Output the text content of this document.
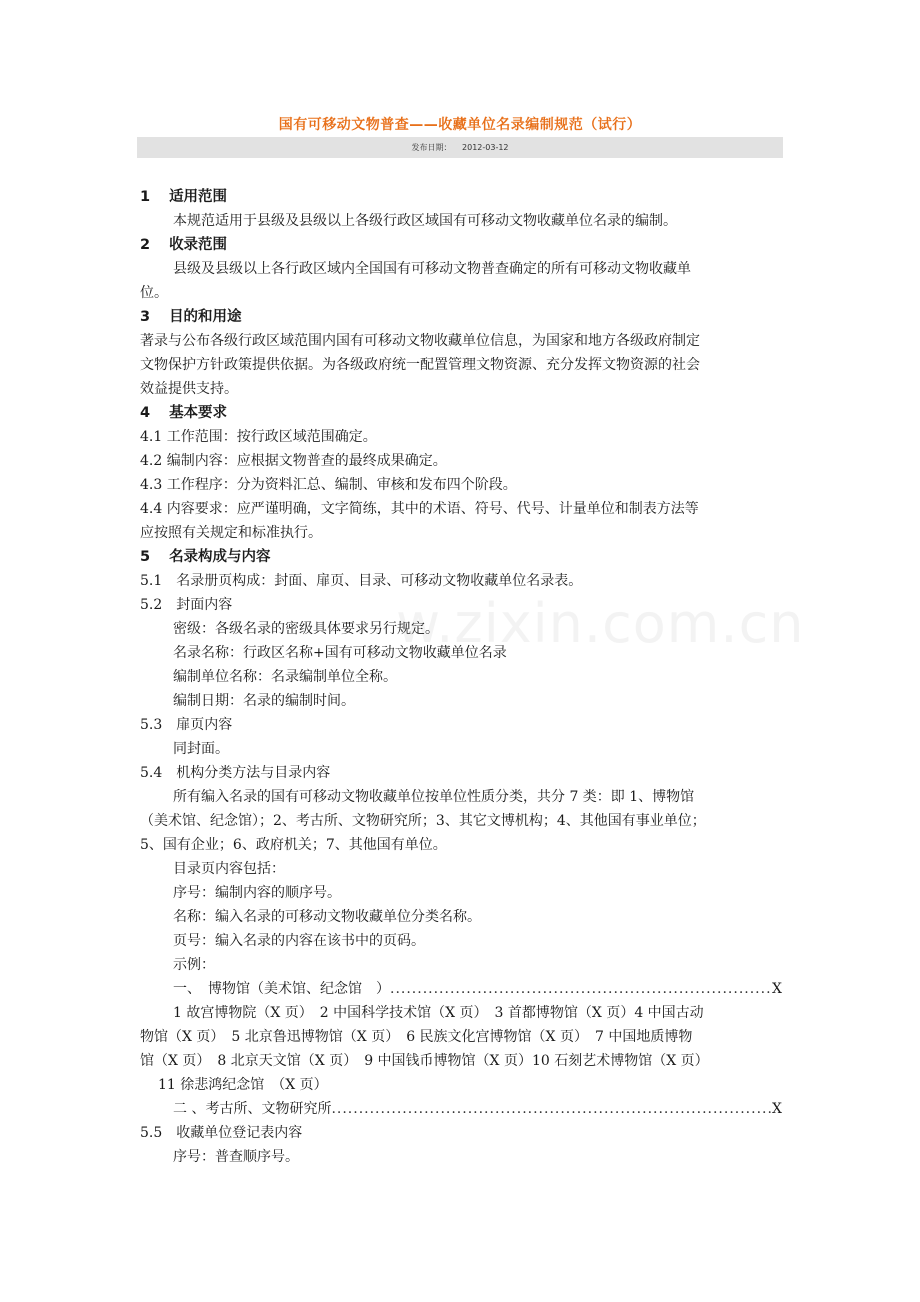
国有可移动文物普查——收藏单位名录编制规范（试行）
发布日期： 2012-03-12
w.zixin.com.cn
1 适用范围
本规范适用于县级及县级以上各级行政区域国有可移动文物收藏单位名录的编制。
2 收录范围
县级及县级以上各行政区域内全国国有可移动文物普查确定的所有可移动文物收藏单
位。
3 目的和用途
著录与公布各级行政区域范围内国有可移动文物收藏单位信息，为国家和地方各级政府制定
文物保护方针政策提供依据。为各级政府统一配置管理文物资源、充分发挥文物资源的社会
效益提供支持。
4 基本要求
4.1 工作范围：按行政区域范围确定。
4.2 编制内容：应根据文物普查的最终成果确定。
4.3 工作程序：分为资料汇总、编制、审核和发布四个阶段。
4.4 内容要求：应严谨明确，文字简练，其中的术语、符号、代号、计量单位和制表方法等
应按照有关规定和标准执行。
5 名录构成与内容
5.1　名录册页构成：封面、扉页、目录、可移动文物收藏单位名录表。
5.2　封面内容
密级：各级名录的密级具体要求另行规定。
名录名称：行政区名称+国有可移动文物收藏单位名录
编制单位名称：名录编制单位全称。
编制日期：名录的编制时间。
5.3　扉页内容
同封面。
5.4　机构分类方法与目录内容
所有编入名录的国有可移动文物收藏单位按单位性质分类，共分 7 类：即 1、博物馆
（美术馆、纪念馆）；2、考古所、文物研究所；3、其它文博机构；4、其他国有事业单位；
5、国有企业；6、政府机关；7、其他国有单位。
目录页内容包括：
序号：编制内容的顺序号。
名称：编入名录的可移动文物收藏单位分类名称。
页号：编入名录的内容在该书中的页码。
示例：
一、　博物馆（美术馆、纪念馆　） .....	X
1 故宫博物院（X 页）　2 中国科学技术馆（X 页）　3 首都博物馆（X 页）4 中国古动
物馆（X 页）　5 北京鲁迅博物馆（X 页）　6 民族文化宫博物馆（X 页）　7 中国地质博物
馆（X 页）　8 北京天文馆（X 页）　9 中国钱币博物馆（X 页）10 石刻艺术博物馆（X 页）
11 徐悲鸿纪念馆　（X 页）
二 、考古所、文物研究所 .....	X
5.5　收藏单位登记表内容
序号：普查顺序号。
